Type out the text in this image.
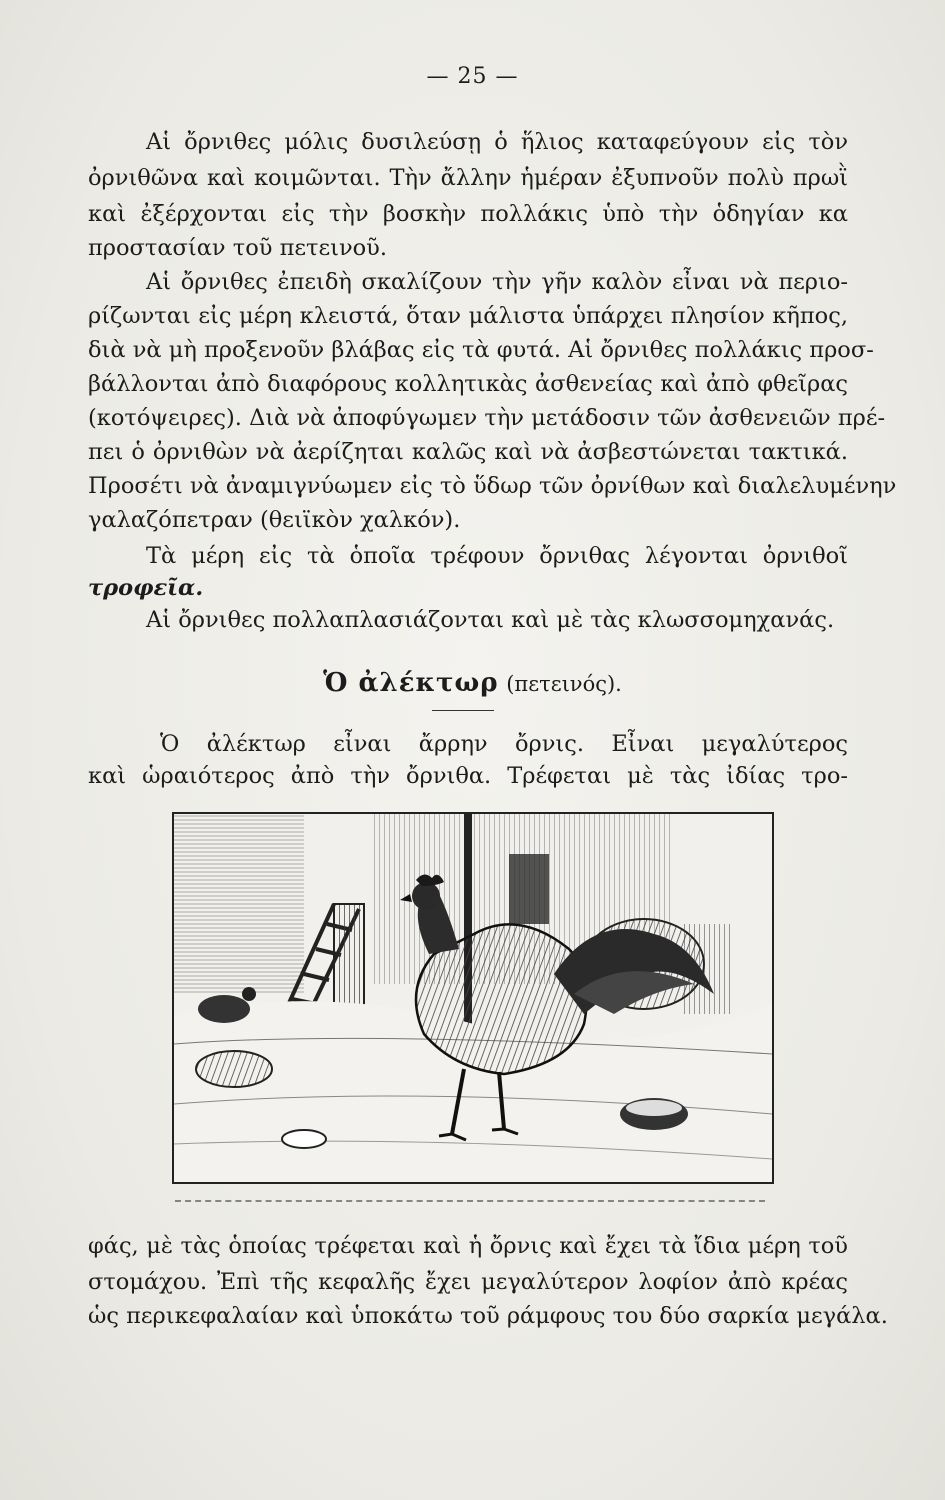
— 25 —
Αἱ ὄρνιθες μόλις δυσιλεύσῃ ὁ ἥλιος καταφεύγουν εἰς τὸν
ὀρνιθῶνα καὶ κοιμῶνται. Τὴν ἄλλην ἡμέραν ἐξυπνοῦν πολὺ πρωῒ
καὶ ἐξέρχονται εἰς τὴν βοσκὴν πολλάκις ὑπὸ τὴν ὁδηγίαν κα
προστασίαν τοῦ πετεινοῦ.
Αἱ ὄρνιθες ἐπειδὴ σκαλίζουν τὴν γῆν καλὸν εἶναι νὰ περιο-
ρίζωνται εἰς μέρη κλειστά, ὅταν μάλιστα ὑπάρχει πλησίον κῆπος,
διὰ νὰ μὴ προξενοῦν βλάβας εἰς τὰ φυτά. Αἱ ὄρνιθες πολλάκις προσ-
βάλλονται ἀπὸ διαφόρους κολλητικὰς ἀσθενείας καὶ ἀπὸ φθεῖρας
(κοτόψειρες). Διὰ νὰ ἀποφύγωμεν τὴν μετάδοσιν τῶν ἀσθενειῶν πρέ-
πει ὁ ὀρνιθὼν νὰ ἀερίζηται καλῶς καὶ νὰ ἀσβεστώνεται τακτικά.
Προσέτι νὰ ἀναμιγνύωμεν εἰς τὸ ὕδωρ τῶν ὀρνίθων καὶ διαλελυμένην
γαλαζόπετραν (θειϊκὸν χαλκόν).
Τὰ μέρη εἰς τὰ ὁποῖα τρέφουν ὄρνιθας λέγονται ὀρνιθοῖ
τροφεῖα.
Αἱ ὄρνιθες πολλαπλασιάζονται καὶ μὲ τὰς κλωσσομηχανάς.
Ὁ ἀλέκτωρ (πετεινός).
Ὁ ἀλέκτωρ εἶναι ἄρρην ὄρνις. Εἶναι μεγαλύτερος
καὶ ὡραιότερος ἀπὸ τὴν ὄρνιθα. Τρέφεται μὲ τὰς ἰδίας τρο-
φάς, μὲ τὰς ὁποίας τρέφεται καὶ ἡ ὄρνις καὶ ἔχει τὰ ἴδια μέρη τοῦ
στομάχου. Ἐπὶ τῆς κεφαλῆς ἔχει μεγαλύτερον λοφίον ἀπὸ κρέας
ὡς περικεφαλαίαν καὶ ὑποκάτω τοῦ ράμφους του δύο σαρκία μεγάλα.
